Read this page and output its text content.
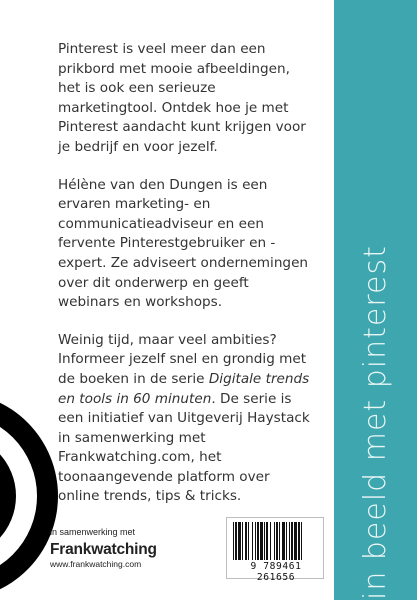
in beeld met pinterest

Pinterest is veel meer dan een prikbord met mooie afbeeldingen, het is ook een serieuze marketingtool. Ontdek hoe je met Pinterest aandacht kunt krijgen voor je bedrijf en voor jezelf.

Hélène van den Dungen is een ervaren marketing- en communicatieadviseur en een fervente Pinterestgebruiker en -expert. Ze adviseert ondernemingen over dit onderwerp en geeft webinars en workshops.

Weinig tijd, maar veel ambities? Informeer jezelf snel en grondig met de boeken in de serie Digitale trends en tools in 60 minuten. De serie is een initiatief van Uitgeverij Haystack in samenwerking met Frankwatching.com, het toonaangevende platform over online trends, tips & tricks.

in samenwerking met
Frankwatching
www.frankwatching.com	9 789461 261656
